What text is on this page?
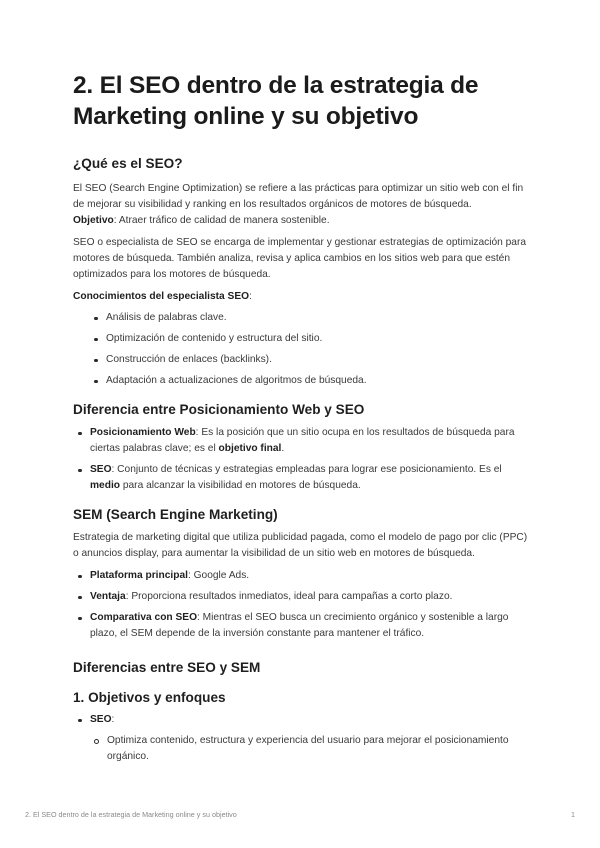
2. El SEO dentro de la estrategia de Marketing online y su objetivo
¿Qué es el SEO?

El SEO (Search Engine Optimization) se refiere a las prácticas para optimizar un sitio web con el fin de mejorar su visibilidad y ranking en los resultados orgánicos de motores de búsqueda.

Objetivo: Atraer tráfico de calidad de manera sostenible.

SEO o especialista de SEO se encarga de implementar y gestionar estrategias de optimización para motores de búsqueda. También analiza, revisa y aplica cambios en los sitios web para que estén optimizados para los motores de búsqueda.

Conocimientos del especialista SEO:

Análisis de palabras clave.
Optimización de contenido y estructura del sitio.
Construcción de enlaces (backlinks).
Adaptación a actualizaciones de algoritmos de búsqueda.
Diferencia entre Posicionamiento Web y SEO
Posicionamiento Web: Es la posición que un sitio ocupa en los resultados de búsqueda para ciertas palabras clave; es el objetivo final.
SEO: Conjunto de técnicas y estrategias empleadas para lograr ese posicionamiento. Es el medio para alcanzar la visibilidad en motores de búsqueda.
SEM (Search Engine Marketing)

Estrategia de marketing digital que utiliza publicidad pagada, como el modelo de pago por clic (PPC) o anuncios display, para aumentar la visibilidad de un sitio web en motores de búsqueda.

Plataforma principal: Google Ads.
Ventaja: Proporciona resultados inmediatos, ideal para campañas a corto plazo.
Comparativa con SEO: Mientras el SEO busca un crecimiento orgánico y sostenible a largo plazo, el SEM depende de la inversión constante para mantener el tráfico.
Diferencias entre SEO y SEM
1. Objetivos y enfoques
SEO:
Optimiza contenido, estructura y experiencia del usuario para mejorar el posicionamiento orgánico.
2. El SEO dentro de la estrategia de Marketing online y su objetivo	1
